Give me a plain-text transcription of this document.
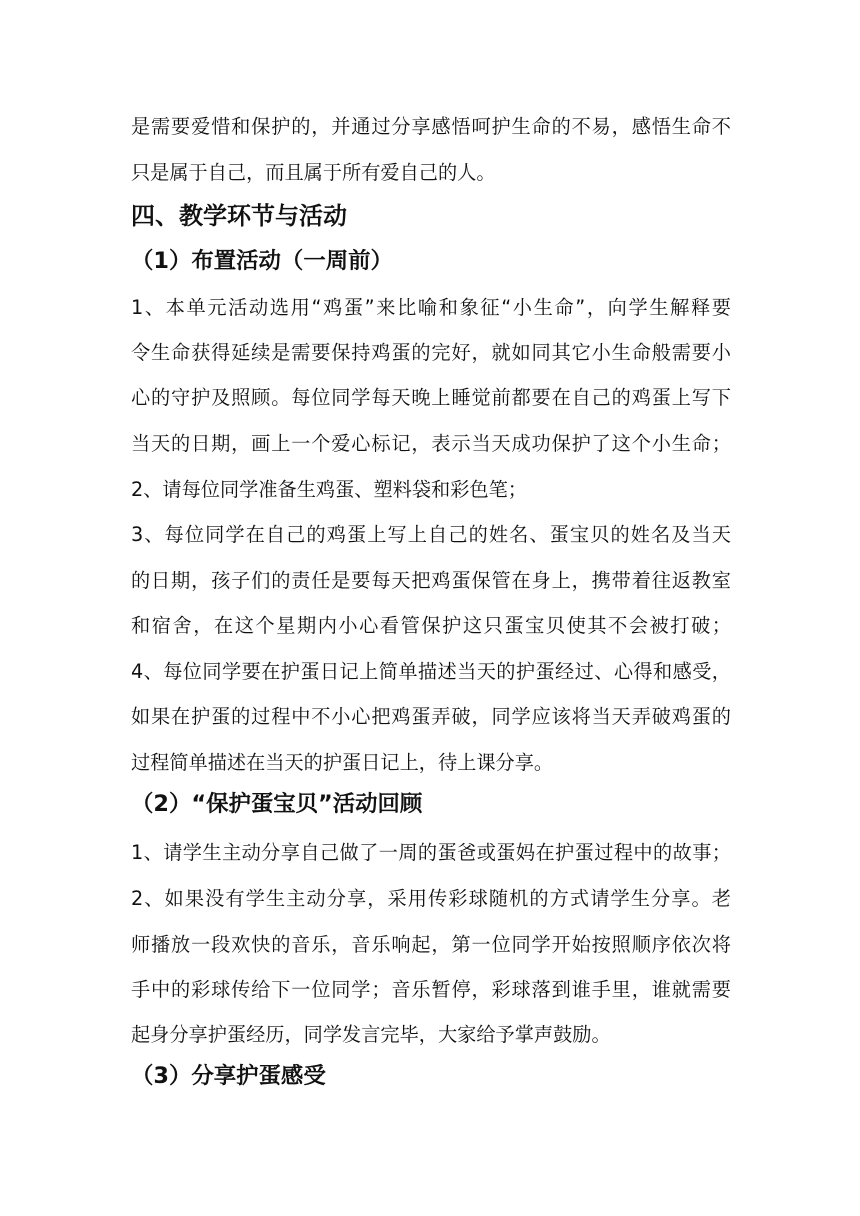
是需要爱惜和保护的，并通过分享感悟呵护生命的不易，感悟生命不
只是属于自己，而且属于所有爱自己的人。
四、教学环节与活动
（1）布置活动（一周前）
1、本单元活动选用“鸡蛋”来比喻和象征“小生命”，向学生解释要
令生命获得延续是需要保持鸡蛋的完好，就如同其它小生命般需要小
心的守护及照顾。每位同学每天晚上睡觉前都要在自己的鸡蛋上写下
当天的日期，画上一个爱心标记，表示当天成功保护了这个小生命；
2、请每位同学准备生鸡蛋、塑料袋和彩色笔；
3、每位同学在自己的鸡蛋上写上自己的姓名、蛋宝贝的姓名及当天
的日期，孩子们的责任是要每天把鸡蛋保管在身上，携带着往返教室
和宿舍，在这个星期内小心看管保护这只蛋宝贝使其不会被打破；
4、每位同学要在护蛋日记上简单描述当天的护蛋经过、心得和感受，
如果在护蛋的过程中不小心把鸡蛋弄破，同学应该将当天弄破鸡蛋的
过程简单描述在当天的护蛋日记上，待上课分享。
（2）“保护蛋宝贝”活动回顾
1、请学生主动分享自己做了一周的蛋爸或蛋妈在护蛋过程中的故事；
2、如果没有学生主动分享，采用传彩球随机的方式请学生分享。老
师播放一段欢快的音乐，音乐响起，第一位同学开始按照顺序依次将
手中的彩球传给下一位同学；音乐暂停，彩球落到谁手里，谁就需要
起身分享护蛋经历，同学发言完毕，大家给予掌声鼓励。
（3）分享护蛋感受
